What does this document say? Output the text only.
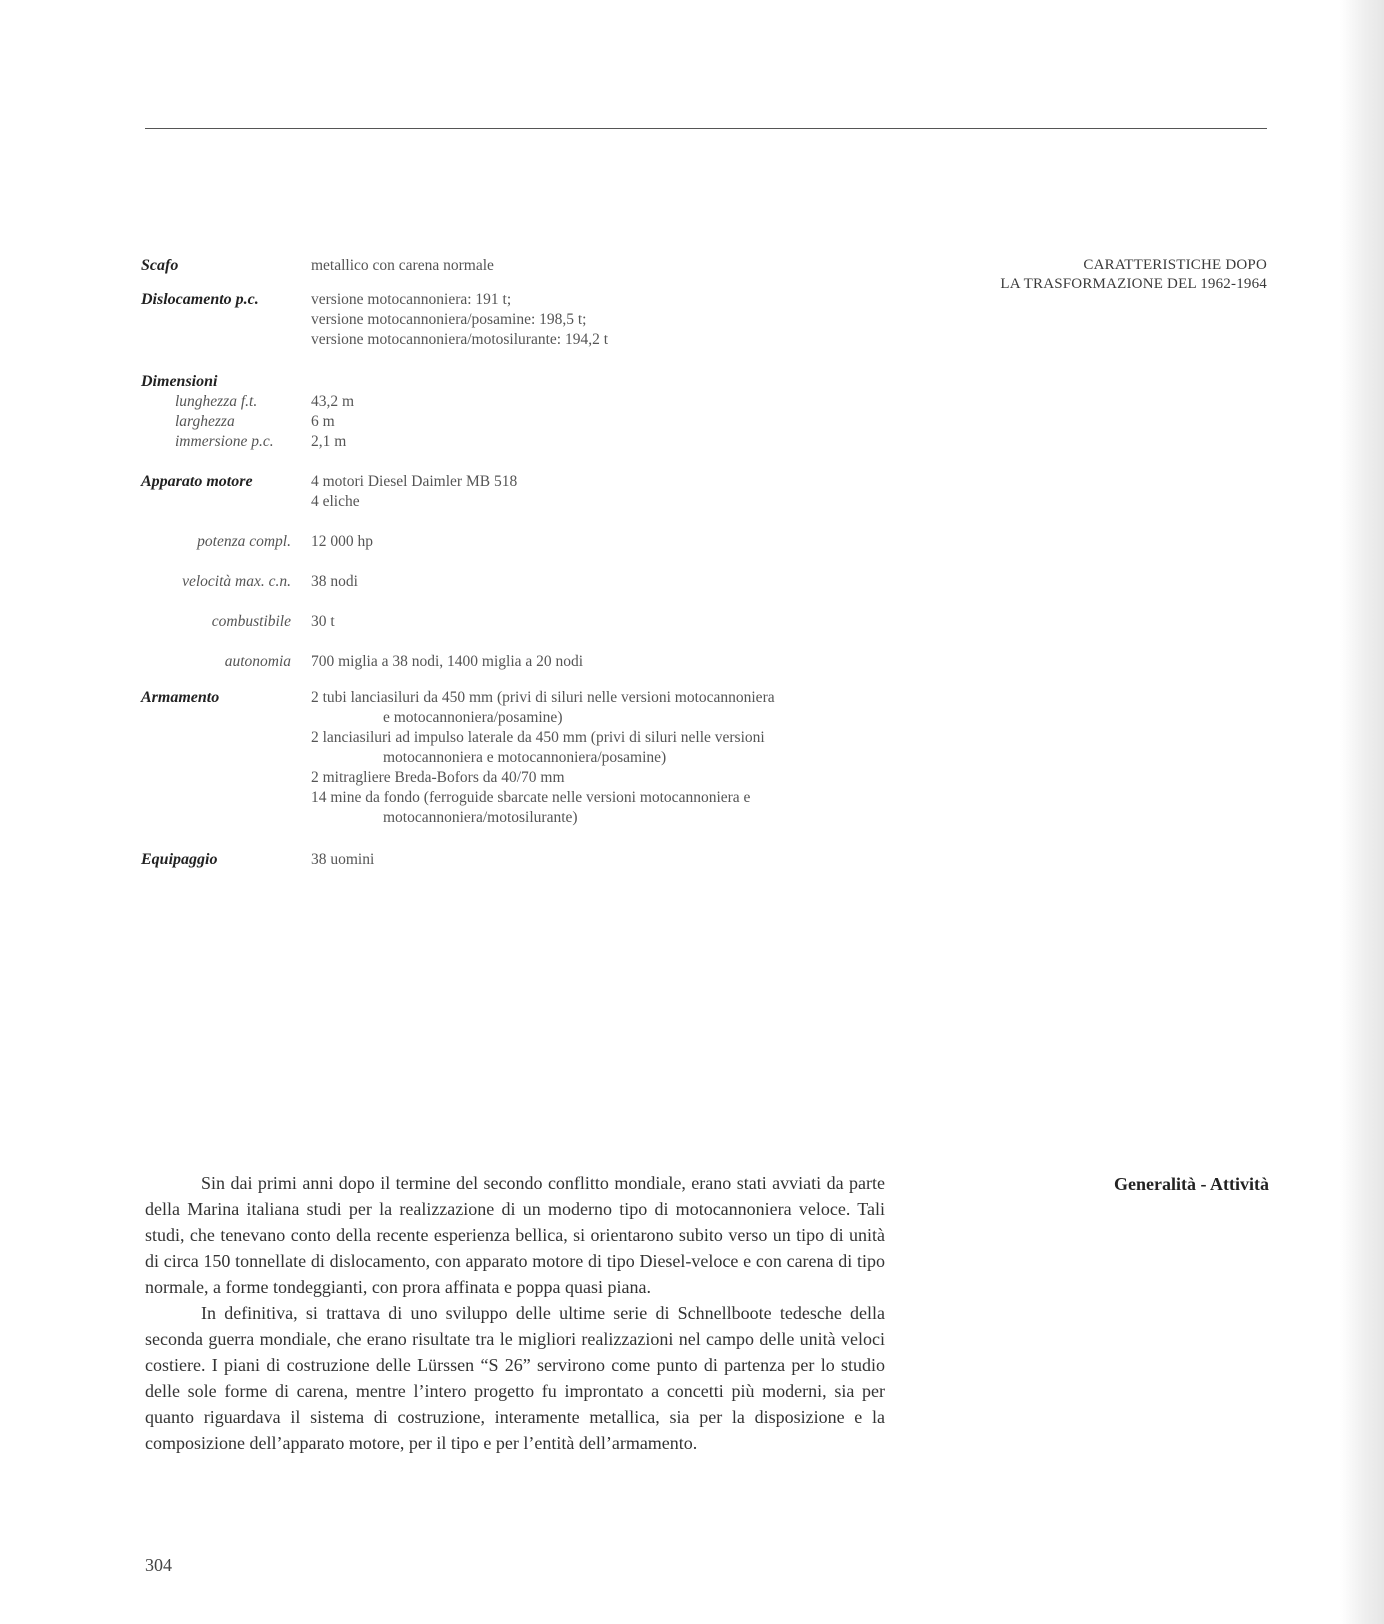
CARATTERISTICHE DOPO
LA TRASFORMAZIONE DEL 1962-1964
Scafo	metallico con carena normale
Dislocamento p.c.	versione motocannoniera: 191 t;
versione motocannoniera/posamine: 198,5 t;
versione motocannoniera/motosilurante: 194,2 t
Dimensioni
lunghezza f.t.	43,2 m
larghezza	6 m
immersione p.c.	2,1 m
Apparato motore	4 motori Diesel Daimler MB 518
4 eliche
potenza compl.	12 000 hp
velocità max. c.n.	38 nodi
combustibile	30 t
autonomia	700 miglia a 38 nodi, 1400 miglia a 20 nodi
Armamento	2 tubi lanciasiluri da 450 mm (privi di siluri nelle versioni motocannoniera
e motocannoniera/posamine)
2 lanciasiluri ad impulso laterale da 450 mm (privi di siluri nelle versioni
motocannoniera e motocannoniera/posamine)
2 mitragliere Breda-Bofors da 40/70 mm
14 mine da fondo (ferroguide sbarcate nelle versioni motocannoniera e
motocannoniera/motosilurante)
Equipaggio	38 uomini
Generalità - Attività

Sin dai primi anni dopo il termine del secondo conflitto mondiale, erano stati avviati da parte della Marina italiana studi per la realizzazione di un moderno tipo di motocannoniera veloce. Tali studi, che tenevano conto della recente esperienza bellica, si orientarono subito verso un tipo di unità di circa 150 tonnellate di dislocamento, con apparato motore di tipo Diesel-veloce e con carena di tipo normale, a forme tondeggianti, con prora affinata e poppa quasi piana.

In definitiva, si trattava di uno sviluppo delle ultime serie di Schnellboote tedesche della seconda guerra mondiale, che erano risultate tra le migliori realizzazioni nel campo delle unità veloci costiere. I piani di costruzione delle Lürssen “S 26” servirono come punto di partenza per lo studio delle sole forme di carena, mentre l’intero progetto fu improntato a concetti più moderni, sia per quanto riguardava il sistema di costruzione, interamente metallica, sia per la disposizione e la composizione dell’apparato motore, per il tipo e per l’entità dell’armamento.

304
